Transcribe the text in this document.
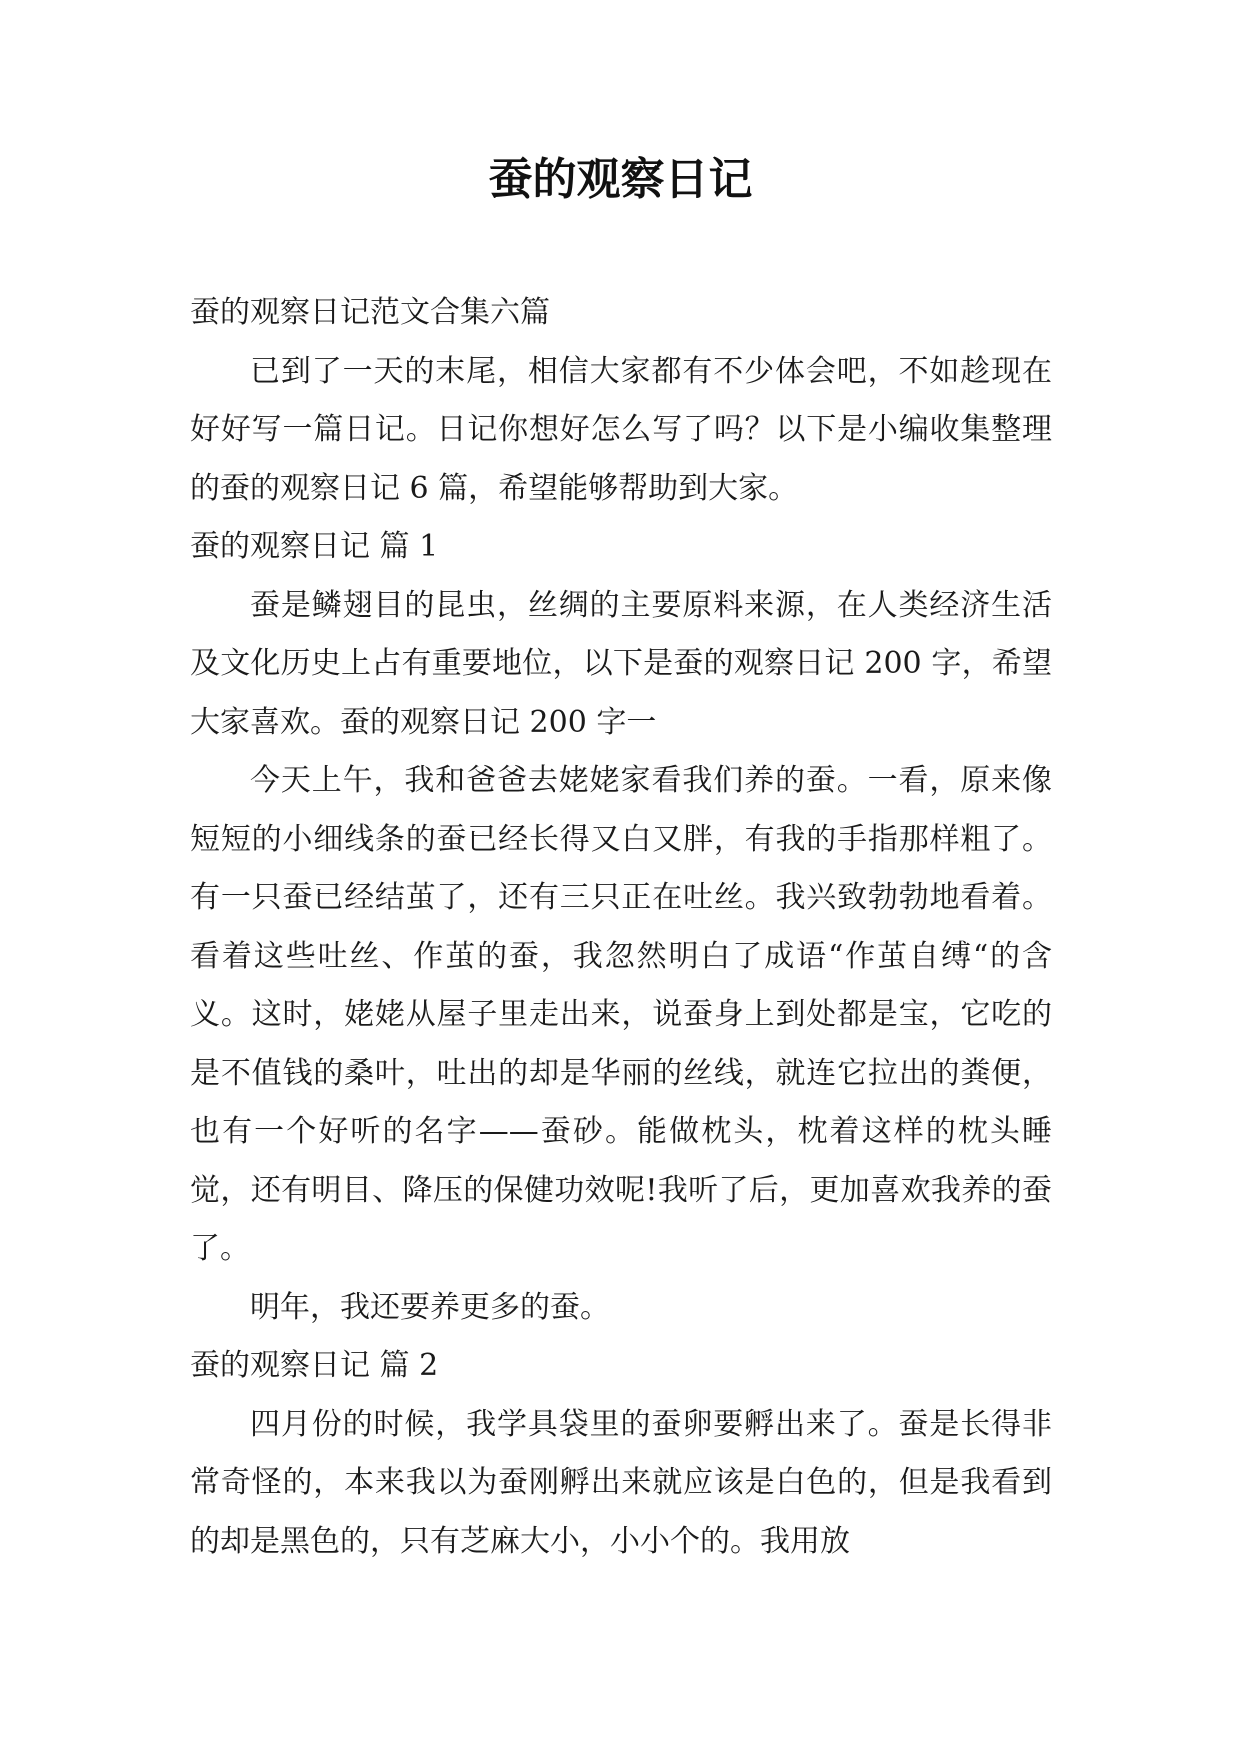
蚕的观察日记

蚕的观察日记范文合集六篇

已到了一天的末尾，相信大家都有不少体会吧，不如趁现在好好写一篇日记。日记你想好怎么写了吗？以下是小编收集整理的蚕的观察日记 6 篇，希望能够帮助到大家。

蚕的观察日记 篇 1

蚕是鳞翅目的昆虫，丝绸的主要原料来源，在人类经济生活及文化历史上占有重要地位，以下是蚕的观察日记 200 字，希望大家喜欢。蚕的观察日记 200 字一

今天上午，我和爸爸去姥姥家看我们养的蚕。一看，原来像短短的小细线条的蚕已经长得又白又胖，有我的手指那样粗了。有一只蚕已经结茧了，还有三只正在吐丝。我兴致勃勃地看着。看着这些吐丝、作茧的蚕，我忽然明白了成语“作茧自缚“的含义。这时，姥姥从屋子里走出来，说蚕身上到处都是宝，它吃的是不值钱的桑叶，吐出的却是华丽的丝线，就连它拉出的粪便，也有一个好听的名字——蚕砂。能做枕头，枕着这样的枕头睡觉，还有明目、降压的保健功效呢!我听了后，更加喜欢我养的蚕了。

明年，我还要养更多的蚕。

蚕的观察日记 篇 2

四月份的时候，我学具袋里的蚕卵要孵出来了。蚕是长得非常奇怪的，本来我以为蚕刚孵出来就应该是白色的，但是我看到的却是黑色的，只有芝麻大小，小小个的。我用放
